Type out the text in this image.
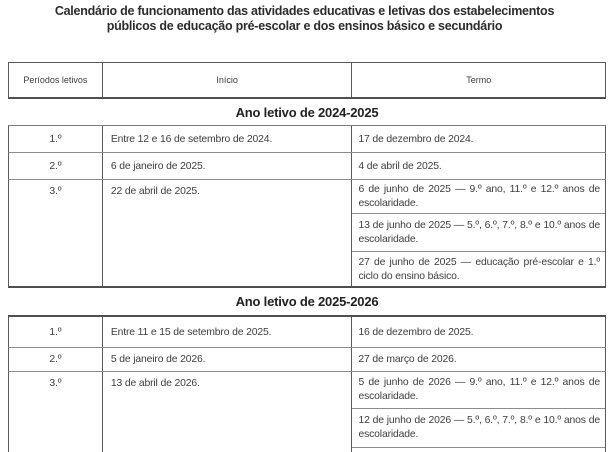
Calendário de funcionamento das atividades educativas e letivas dos estabelecimentos
públicos de educação pré-escolar e dos ensinos básico e secundário
Períodos letivos	Início	Termo
Ano letivo de 2024-2025
1.º	Entre 12 e 16 de setembro de 2024.	17 de dezembro de 2024.
2.º	6 de janeiro de 2025.	4 de abril de 2025.
3.º	22 de abril de 2025.	6 de junho de 2025 — 9.º ano, 11.º e 12.º anos de escolaridade.
13 de junho de 2025 — 5.º, 6.º, 7.º, 8.º e 10.º anos de escolaridade.
27 de junho de 2025 — educação pré-escolar e 1.º ciclo do ensino básico.
Ano letivo de 2025-2026
1.º	Entre 11 e 15 de setembro de 2025.	16 de dezembro de 2025.
2.º	5 de janeiro de 2026.	27 de março de 2026.
3.º	13 de abril de 2026.	5 de junho de 2026 — 9.º ano, 11.º e 12.º anos de escolaridade.
12 de junho de 2026 — 5.º, 6.º, 7.º, 8.º e 10.º anos de escolaridade.
